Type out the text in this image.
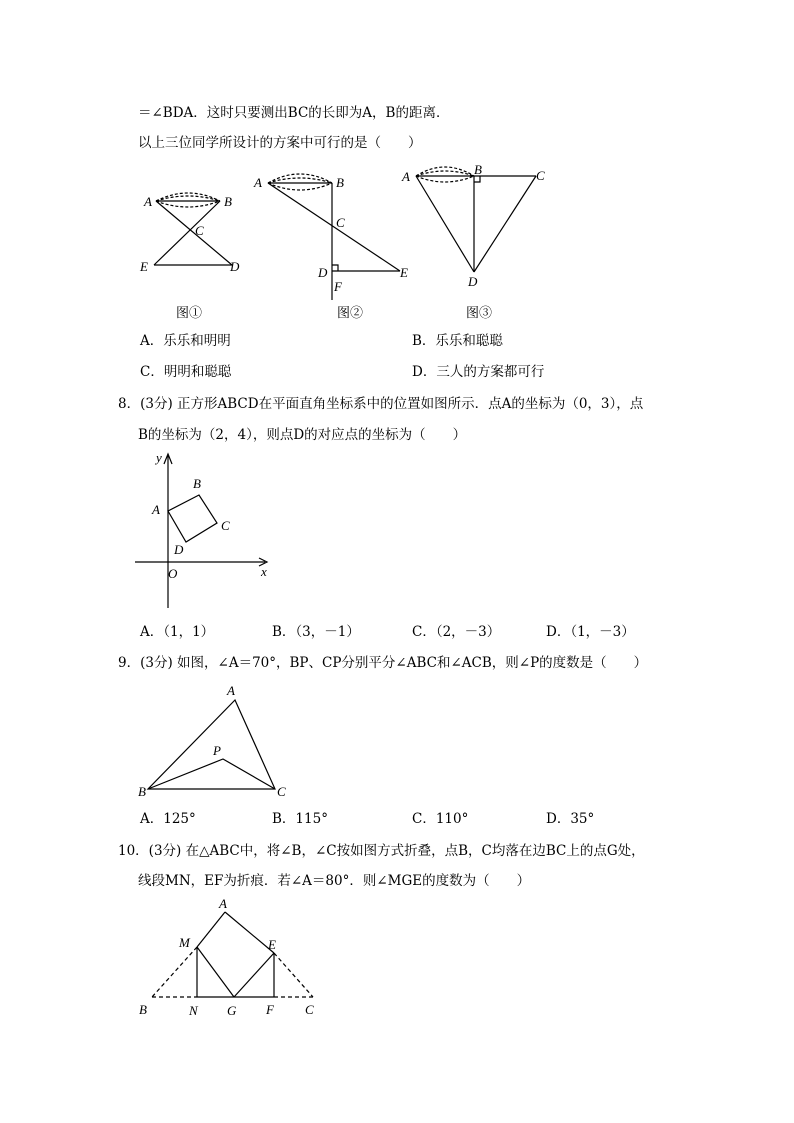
＝∠BDA．这时只要测出BC的长即为A，B的距离．
以上三位同学所设计的方案中可行的是（　　）
A	B
C
E	D
A	B
C
D	E
F
A	B	C
D
图①	图②	图③
A．乐乐和明明	B．乐乐和聪聪
C．明明和聪聪	D．三人的方案都可行
8．(3分) 正方形ABCD在平面直角坐标系中的位置如图所示．点A的坐标为（0，3），点
B的坐标为（2，4），则点D的对应点的坐标为（　　）
y
x
O
A
B
C
D
A．（1，1）	B．（3，－1）	C．（2，－3）	D．（1，－3）
9．(3分) 如图，∠A＝70°，BP、CP分别平分∠ABC和∠ACB，则∠P的度数是（　　）
A
P
B	C
A．125°	B．115°	C．110°	D．35°
10．(3分) 在△ABC中，将∠B，∠C按如图方式折叠，点B，C均落在边BC上的点G处，
线段MN，EF为折痕．若∠A＝80°．则∠MGE的度数为（　　）
A
M	E
B	N G F C
